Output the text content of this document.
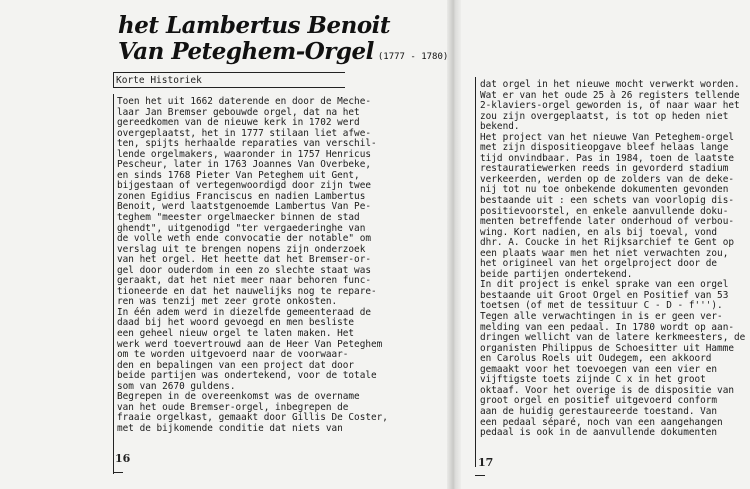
het Lambertus Benoit
Van Peteghem-Orgel (1777 - 1780)
Korte Historiek
Toen het uit 1662 daterende en door de Meche-
laar Jan Bremser gebouwde orgel, dat na het
gereedkomen van de nieuwe kerk in 1702 werd
overgeplaatst, het in 1777 stilaan liet afwe-
ten, spijts herhaalde reparaties van verschil-
lende orgelmakers, waaronder in 1757 Henricus
Pescheur, later in 1763 Joannes Van Overbeke,
en sinds 1768 Pieter Van Peteghem uit Gent,
bijgestaan of vertegenwoordigd door zijn twee
zonen Egidius Franciscus en nadien Lambertus
Benoit, werd laatstgenoemde Lambertus Van Pe-
teghem "meester orgelmaecker binnen de stad
ghendt", uitgenodigd "ter vergaederinghe van
de volle weth ende convocatie der notable" om
verslag uit te brengen nopens zijn onderzoek
van het orgel. Het heette dat het Bremser-or-
gel door ouderdom in een zo slechte staat was
geraakt, dat het niet meer naar behoren func-
tioneerde en dat het nauwelijks nog te repare-
ren was tenzij met zeer grote onkosten.
In één adem werd in diezelfde gemeenteraad de
daad bij het woord gevoegd en men besliste
een geheel nieuw orgel te laten maken. Het
werk werd toevertrouwd aan de Heer Van Peteghem
om te worden uitgevoerd naar de voorwaar-
den en bepalingen van een project dat door
beide partijen was ondertekend, voor de totale
som van 2670 guldens.
Begrepen in de overeenkomst was de overname
van het oude Bremser-orgel, inbegrepen de
fraaie orgelkast, gemaakt door Gillis De Coster,
met de bijkomende conditie dat niets van
16
dat orgel in het nieuwe mocht verwerkt worden.
Wat er van het oude 25 à 26 registers tellende
2-klaviers-orgel geworden is, of naar waar het
zou zijn overgeplaatst, is tot op heden niet
bekend.
Het project van het nieuwe Van Peteghem-orgel
met zijn dispositieopgave bleef helaas lange
tijd onvindbaar. Pas in 1984, toen de laatste
restauratiewerken reeds in gevorderd stadium
verkeerden, werden op de zolders van de deke-
nij tot nu toe onbekende dokumenten gevonden
bestaande uit : een schets van voorlopig dis-
positievoorstel, en enkele aanvullende doku-
menten betreffende later onderhoud of verbou-
wing. Kort nadien, en als bij toeval, vond
dhr. A. Coucke in het Rijksarchief te Gent op
een plaats waar men het niet verwachten zou,
het origineel van het orgelproject door de
beide partijen ondertekend.
In dit project is enkel sprake van een orgel
bestaande uit Groot Orgel en Positief van 53
toetsen (of met de tessituur C - D - f''').
Tegen alle verwachtingen in is er geen ver-
melding van een pedaal. In 1780 wordt op aan-
dringen wellicht van de latere kerkmeesters, de
organisten Philippus de Schoesitter uit Hamme
en Carolus Roels uit Oudegem, een akkoord
gemaakt voor het toevoegen van een vier en
vijftigste toets zijnde C x in het groot
oktaaf. Voor het overige is de dispositie van
groot orgel en positief uitgevoerd conform
aan de huidig gerestaureerde toestand. Van
een pedaal séparé, noch van een aangehangen
pedaal is ook in de aanvullende dokumenten
17
